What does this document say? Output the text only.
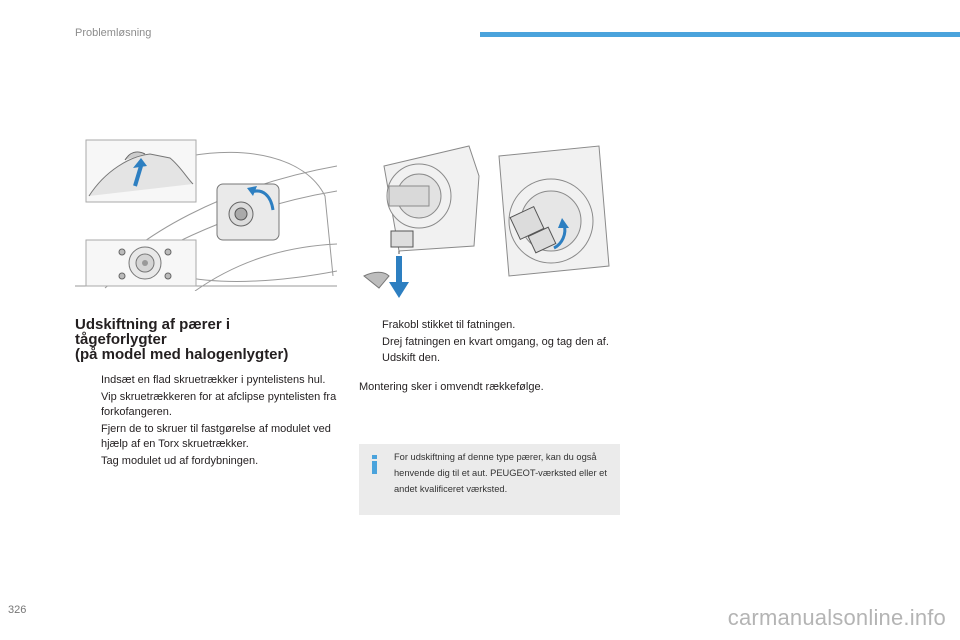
Problemløsning
Udskiftning af pærer i
tågeforlygter
(på model med halogenlygter)
Indsæt en flad skruetrækker i pyntelistens hul.
Vip skruetrækkeren for at afclipse pyntelisten fra forkofangeren.
Fjern de to skruer til fastgørelse af modulet ved hjælp af en Torx skruetrækker.
Tag modulet ud af fordybningen.
Frakobl stikket til fatningen.
Drej fatningen en kvart omgang, og tag den af.
Udskift den.
Montering sker i omvendt rækkefølge.
For udskiftning af denne type pærer, kan du også henvende dig til et aut. PEUGEOT-værksted eller et andet kvalificeret værksted.
326	carmanualsonline.info
